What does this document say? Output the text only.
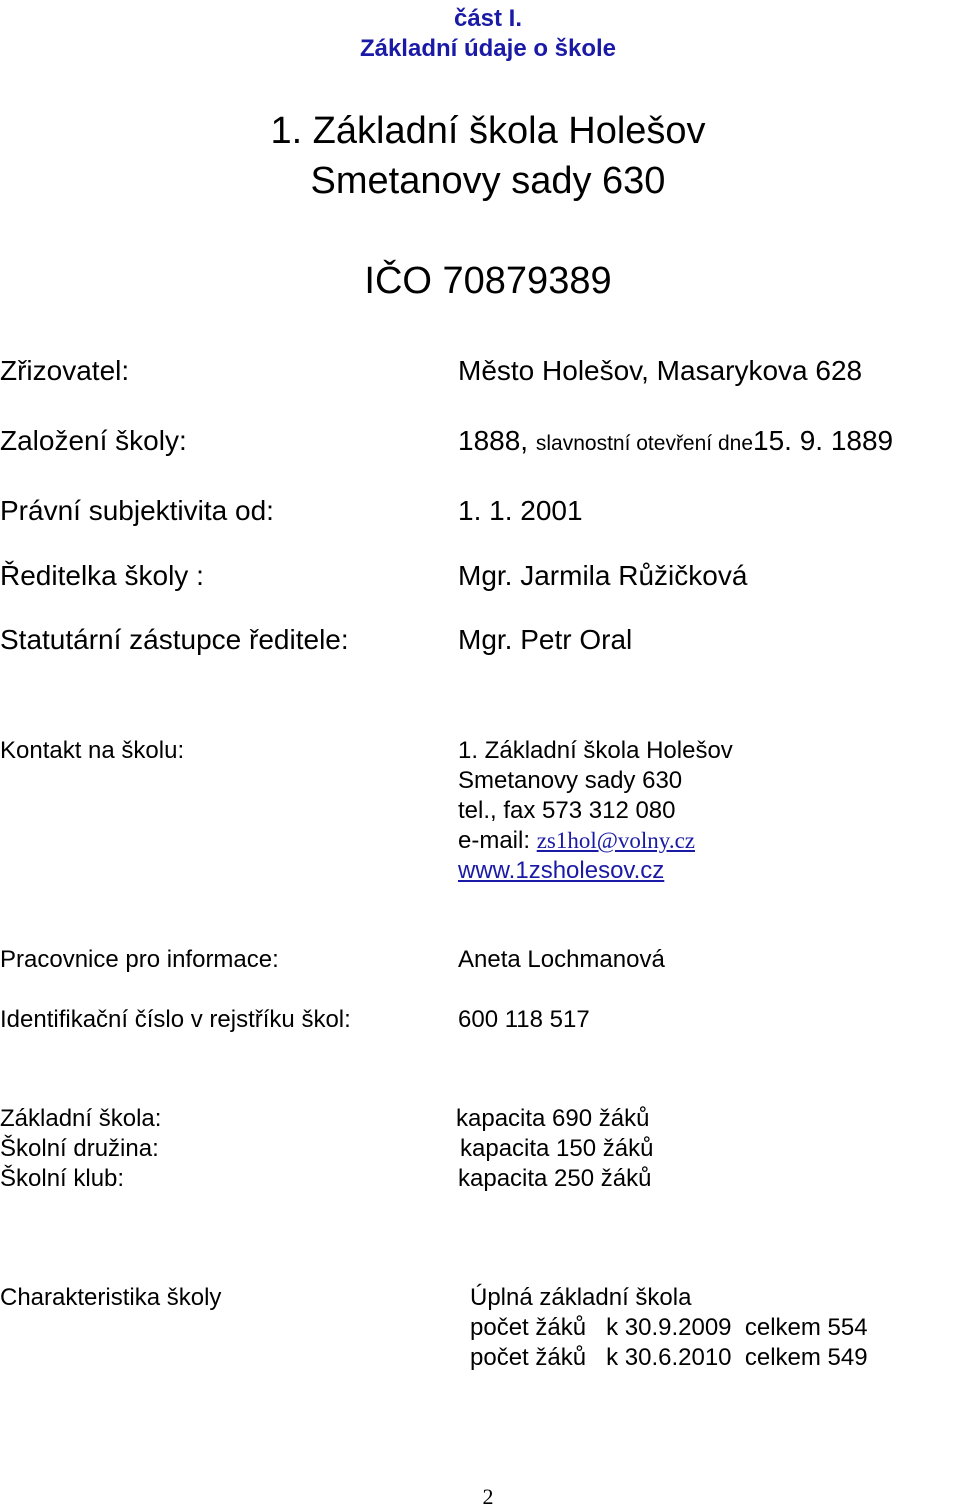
část I.
Základní údaje o škole
1. Základní škola Holešov
Smetanovy sady 630
IČO 70879389
Zřizovatel:	Město Holešov, Masarykova 628
Založení školy:	1888, slavnostní otevření dne15. 9. 1889
Právní subjektivita od:	1. 1. 2001
Ředitelka školy :	Mgr. Jarmila Růžičková
Statutární zástupce ředitele:	Mgr. Petr Oral
Kontakt na školu:	1. Základní škola Holešov
Smetanovy sady 630
tel., fax 573 312 080
e-mail: zs1hol@volny.cz
www.1zsholesov.cz
Pracovnice pro informace:	Aneta Lochmanová
Identifikační číslo v rejstříku škol:	600 118 517
Základní škola:	kapacita 690 žáků
Školní družina:	kapacita 150 žáků
Školní klub:	kapacita 250 žáků
Charakteristika školy	Úplná základní škola
počet žáků   k 30.9.2009  celkem 554
počet žáků   k 30.6.2010  celkem 549
2
